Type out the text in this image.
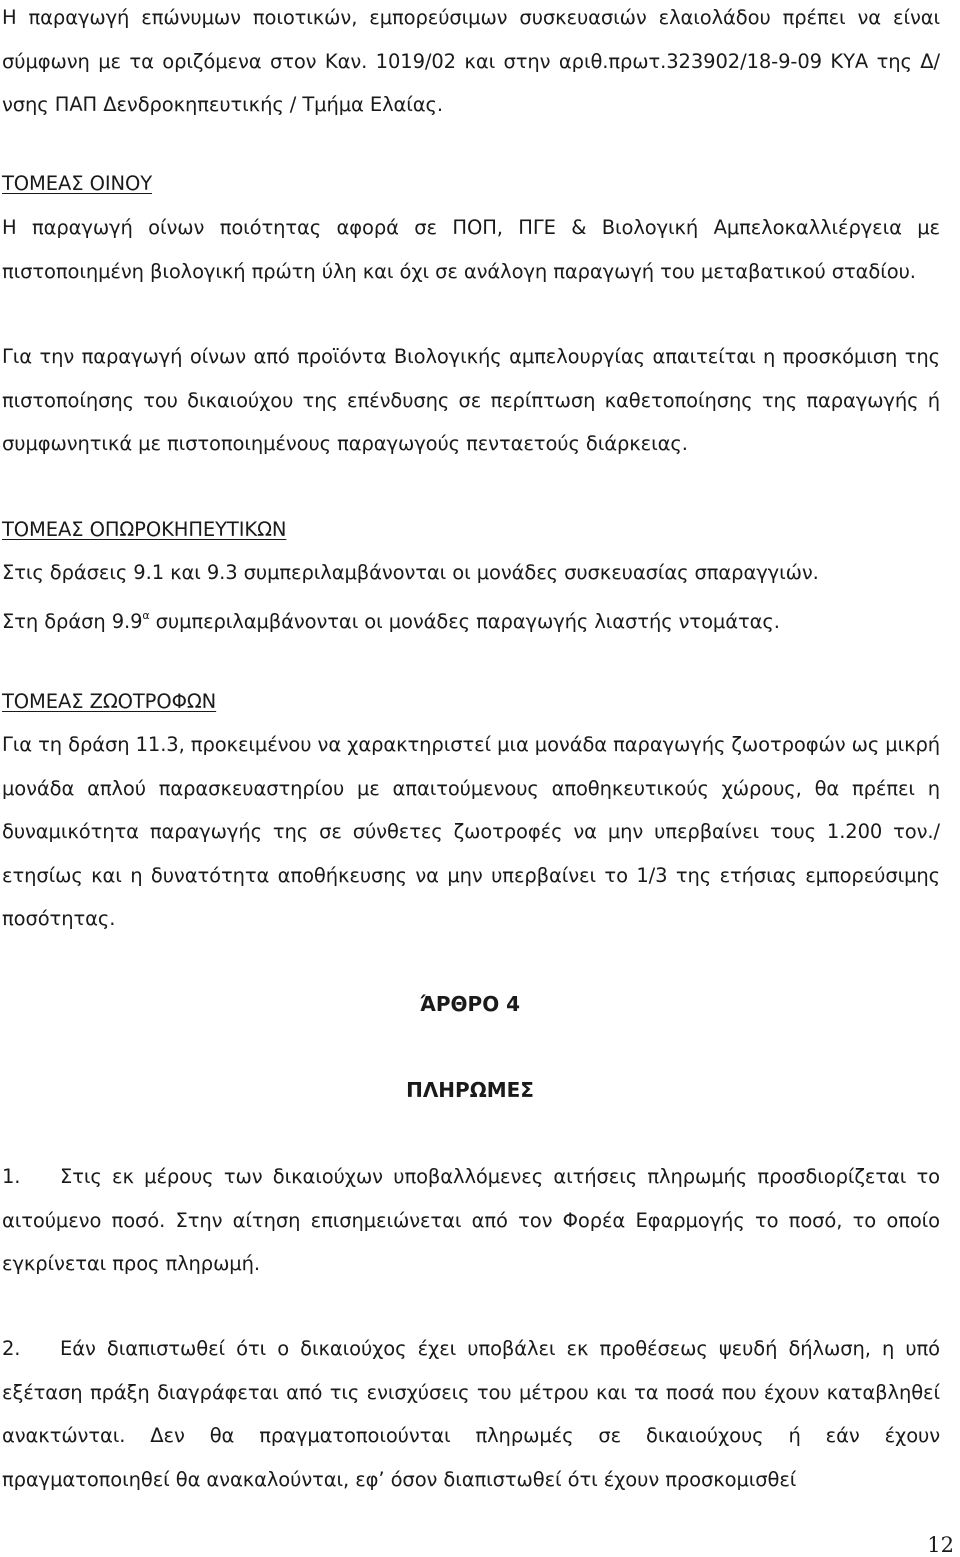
Η παραγωγή επώνυμων ποιοτικών, εμπορεύσιμων συσκευασιών ελαιολάδου πρέπει να είναι σύμφωνη με τα οριζόμενα στον Καν. 1019/02 και στην αριθ.πρωτ.323902/18-9-09 ΚΥΑ της Δ/νσης ΠΑΠ Δενδροκηπευτικής / Τμήμα Ελαίας.

ΤΟΜΕΑΣ ΟΙΝΟΥ

Η παραγωγή οίνων ποιότητας αφορά σε ΠΟΠ, ΠΓΕ & Βιολογική Αμπελοκαλλιέργεια με πιστοποιημένη βιολογική πρώτη ύλη και όχι σε ανάλογη παραγωγή του μεταβατικού σταδίου.

Για την παραγωγή οίνων από προϊόντα Βιολογικής αμπελουργίας απαιτείται η προσκόμιση της πιστοποίησης του δικαιούχου της επένδυσης σε περίπτωση καθετοποίησης της παραγωγής ή συμφωνητικά με πιστοποιημένους παραγωγούς πενταετούς διάρκειας.

ΤΟΜΕΑΣ ΟΠΩΡΟΚΗΠΕΥΤΙΚΩΝ

Στις δράσεις 9.1 και 9.3 συμπεριλαμβάνονται οι μονάδες συσκευασίας σπαραγγιών.

Στη δράση $9.9^\alpha$ συμπεριλαμβάνονται οι μονάδες παραγωγής λιαστής ντομάτας.

ΤΟΜΕΑΣ ΖΩΟΤΡΟΦΩΝ

Για τη δράση 11.3, προκειμένου να χαρακτηριστεί μια μονάδα παραγωγής ζωοτροφών ως μικρή μονάδα απλού παρασκευαστηρίου με απαιτούμενους αποθηκευτικούς χώρους, θα πρέπει η δυναμικότητα παραγωγής της σε σύνθετες ζωοτροφές να μην υπερβαίνει τους 1.200 τον./ετησίως και η δυνατότητα αποθήκευσης να μην υπερβαίνει το 1/3 της ετήσιας εμπορεύσιμης ποσότητας.

ΆΡΘΡΟ 4

ΠΛΗΡΩΜΕΣ

1. Στις εκ μέρους των δικαιούχων υποβαλλόμενες αιτήσεις πληρωμής προσδιορίζεται το αιτούμενο ποσό. Στην αίτηση επισημειώνεται από τον Φορέα Εφαρμογής το ποσό, το οποίο εγκρίνεται προς πληρωμή.

2. Εάν διαπιστωθεί ότι ο δικαιούχος έχει υποβάλει εκ προθέσεως ψευδή δήλωση, η υπό εξέταση πράξη διαγράφεται από τις ενισχύσεις του μέτρου και τα ποσά που έχουν καταβληθεί ανακτώνται. Δεν θα πραγματοποιούνται πληρωμές σε δικαιούχους ή εάν έχουν πραγματοποιηθεί θα ανακαλούνται, εφ’ όσον διαπιστωθεί ότι έχουν προσκομισθεί

12
